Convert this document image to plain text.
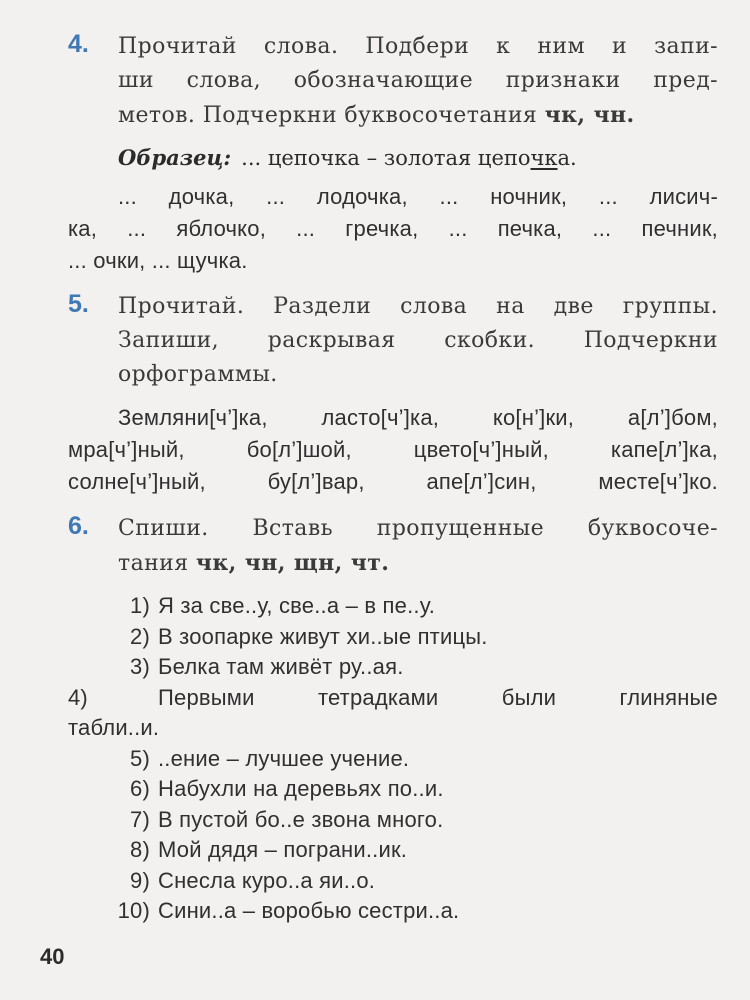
4. Прочитай слова. Подбери к ним и запи-
ши слова, обозначающие признаки пред-
метов. Подчеркни буквосочетания чк, чн.
Образец: ... цепочка – золотая цепочка.
... дочка, ... лодочка, ... ночник, ... лисич-
ка, ... яблочко, ... гречка, ... печка, ... печник,
... очки, ... щучка.
5. Прочитай. Раздели слова на две группы.
Запиши, раскрывая скобки. Подчеркни
орфограммы.
Земляни[ч’]ка, ласто[ч’]ка, ко[н’]ки, а[л’]бом,
мра[ч’]ный, бо[л’]шой, цвето[ч’]ный, капе[л’]ка,
солне[ч’]ный, бу[л’]вар, апе[л’]син, месте[ч’]ко.
6. Спиши. Вставь пропущенные буквосоче-
тания чк, чн, щн, чт.
1) Я за све..у, све..а – в пе..у.
2) В зоопарке живут хи..ые птицы.
3) Белка там живёт ру..ая.
4)	Первыми тетрадками были глиняные
табли..и.
5) ..ение – лучшее учение.
6) Набухли на деревьях по..и.
7) В пустой бо..е звона много.
8) Мой дядя – пограни..ик.
9) Снесла куро..а яи..о.
10) Сини..а – воробью сестри..а.
40
